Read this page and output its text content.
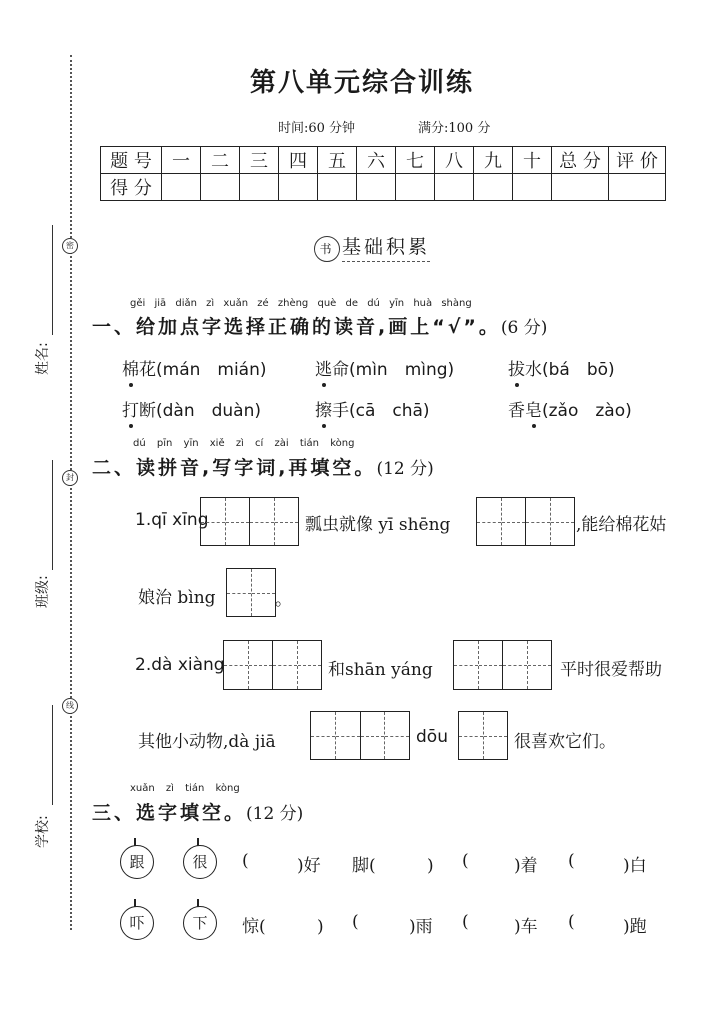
密
封
线
姓名:
班级:
学校:
第八单元综合训练
时间:60 分钟	满分:100 分
题 号	一	二	三	四	五	六	七	八	九	十	总 分	评 价
得 分												
书 基础积累
gěi jiā diǎn zì xuǎn zé zhèng què de dú yīn huà shàng
一、给加点字选择正确的读音,画上“√”。(6 分)
棉花(mán　mián)	逃命(mìn　mìng)	拔水(bá　bō)
打断(dàn　duàn)	擦手(cā　chā)	香皂(zǎo　zào)
dú pīn yīn xiě zì cí zài tián kòng
二、读拼音,写字词,再填空。(12 分)
1.qī xīng	瓢虫就像 yī shēng	,能给棉花姑
娘治 bìng	。
2.dà xiàng	和shān yáng	平时很爱帮助
其他小动物,dà jiā	dōu	很喜欢它们。
xuǎn zì tián kòng
三、选字填空。(12 分)
跟	很	( 　)好 脚( 　) ( 　)着 ( 　)白
吓	下	惊( 　) ( 　)雨 ( 　)车 ( 　)跑
